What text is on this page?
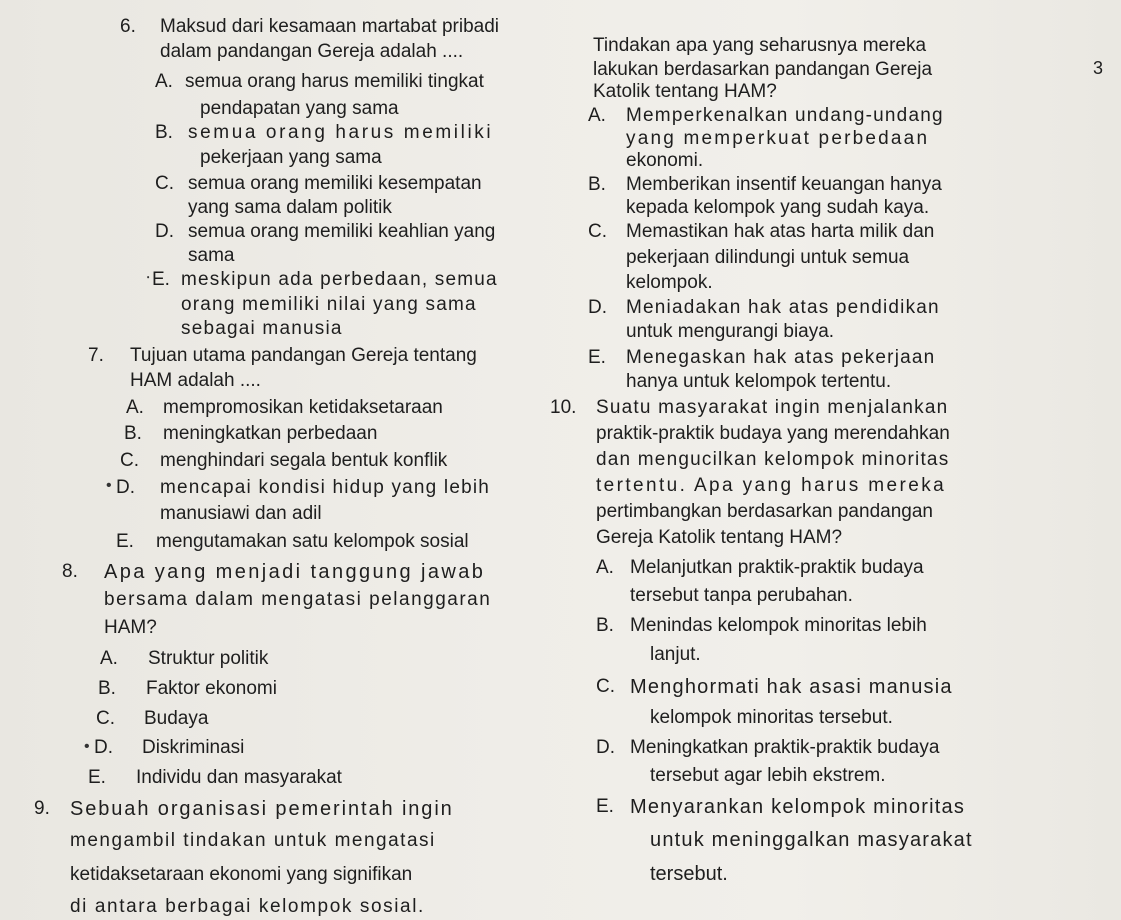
3
6. Maksud dari kesamaan martabat pribadi
dalam pandangan Gereja adalah ....
A. semua orang harus memiliki tingkat
pendapatan yang sama
B. semua orang harus memiliki
pekerjaan yang sama
C. semua orang memiliki kesempatan
yang sama dalam politik
D. semua orang memiliki keahlian yang
sama
⸱ E. meskipun ada perbedaan, semua
orang memiliki nilai yang sama
sebagai manusia
7. Tujuan utama pandangan Gereja tentang
HAM adalah ....
A. mempromosikan ketidaksetaraan
B. meningkatkan perbedaan
C. menghindari segala bentuk konflik
• D. mencapai kondisi hidup yang lebih
manusiawi dan adil
E. mengutamakan satu kelompok sosial
8. Apa yang menjadi tanggung jawab
bersama dalam mengatasi pelanggaran
HAM?
A. Struktur politik
B. Faktor ekonomi
C. Budaya
• D. Diskriminasi
E. Individu dan masyarakat
9. Sebuah organisasi pemerintah ingin
mengambil tindakan untuk mengatasi
ketidaksetaraan ekonomi yang signifikan
di antara berbagai kelompok sosial.
Tindakan apa yang seharusnya mereka
lakukan berdasarkan pandangan Gereja
Katolik tentang HAM?
A. Memperkenalkan undang-undang
yang memperkuat perbedaan
ekonomi.
B. Memberikan insentif keuangan hanya
kepada kelompok yang sudah kaya.
C. Memastikan hak atas harta milik dan
pekerjaan dilindungi untuk semua
kelompok.
D. Meniadakan hak atas pendidikan
untuk mengurangi biaya.
E. Menegaskan hak atas pekerjaan
hanya untuk kelompok tertentu.
10. Suatu masyarakat ingin menjalankan
praktik-praktik budaya yang merendahkan
dan mengucilkan kelompok minoritas
tertentu. Apa yang harus mereka
pertimbangkan berdasarkan pandangan
Gereja Katolik tentang HAM?
A. Melanjutkan praktik-praktik budaya
tersebut tanpa perubahan.
B. Menindas kelompok minoritas lebih
lanjut.
C. Menghormati hak asasi manusia
kelompok minoritas tersebut.
D. Meningkatkan praktik-praktik budaya
tersebut agar lebih ekstrem.
E. Menyarankan kelompok minoritas
untuk meninggalkan masyarakat
tersebut.
